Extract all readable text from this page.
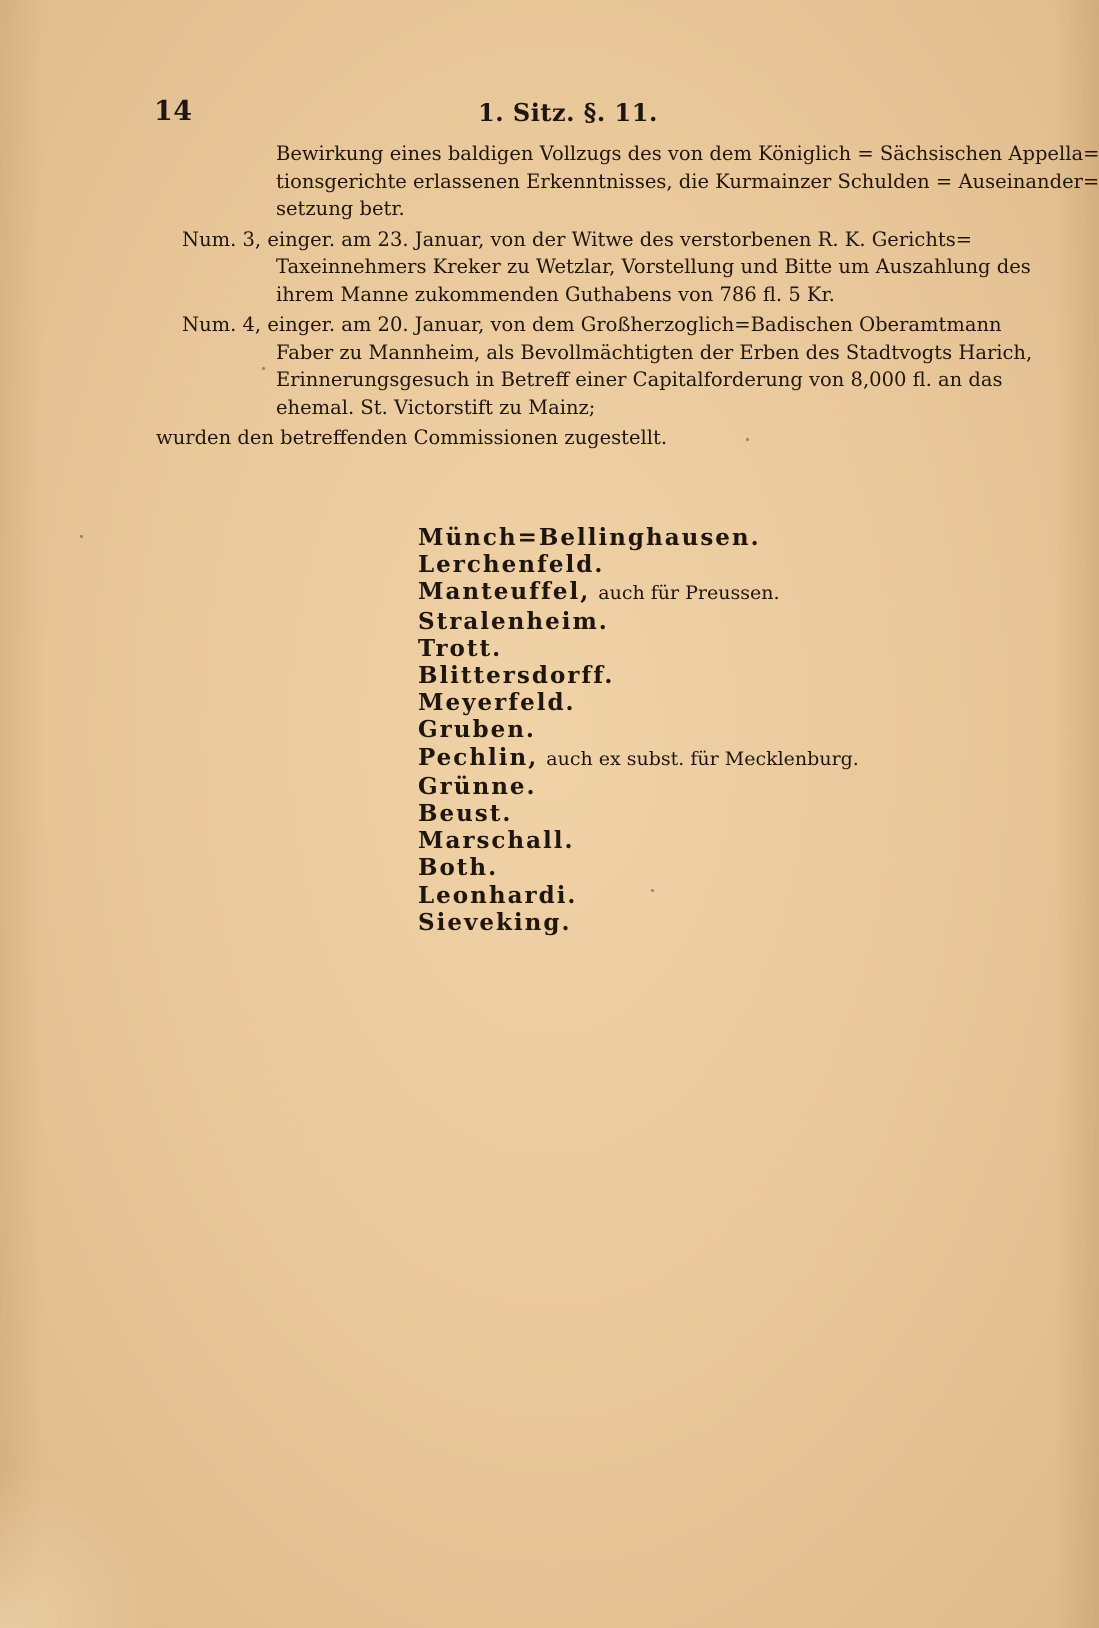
14	1. Sitz. §. 11.
Bewirkung eines baldigen Vollzugs des von dem Königlich = Sächsischen Appella=
tionsgerichte erlassenen Erkenntnisses, die Kurmainzer Schulden = Auseinander=
setzung betr.
Num. 3, einger. am 23. Januar, von der Witwe des verstorbenen R. K. Gerichts=
Taxeinnehmers Kreker zu Wetzlar, Vorstellung und Bitte um Auszahlung des
ihrem Manne zukommenden Guthabens von 786 fl. 5 Kr.
Num. 4, einger. am 20. Januar, von dem Großherzoglich=Badischen Oberamtmann
Faber zu Mannheim, als Bevollmächtigten der Erben des Stadtvogts Harich,
Erinnerungsgesuch in Betreff einer Capitalforderung von 8,000 fl. an das
ehemal. St. Victorstift zu Mainz;
wurden den betreffenden Commissionen zugestellt.
Münch=Bellinghausen.
Lerchenfeld.
Manteuffel, auch für Preussen.
Stralenheim.
Trott.
Blittersdorff.
Meyerfeld.
Gruben.
Pechlin, auch ex subst. für Mecklenburg.
Grünne.
Beust.
Marschall.
Both.
Leonhardi.
Sieveking.
